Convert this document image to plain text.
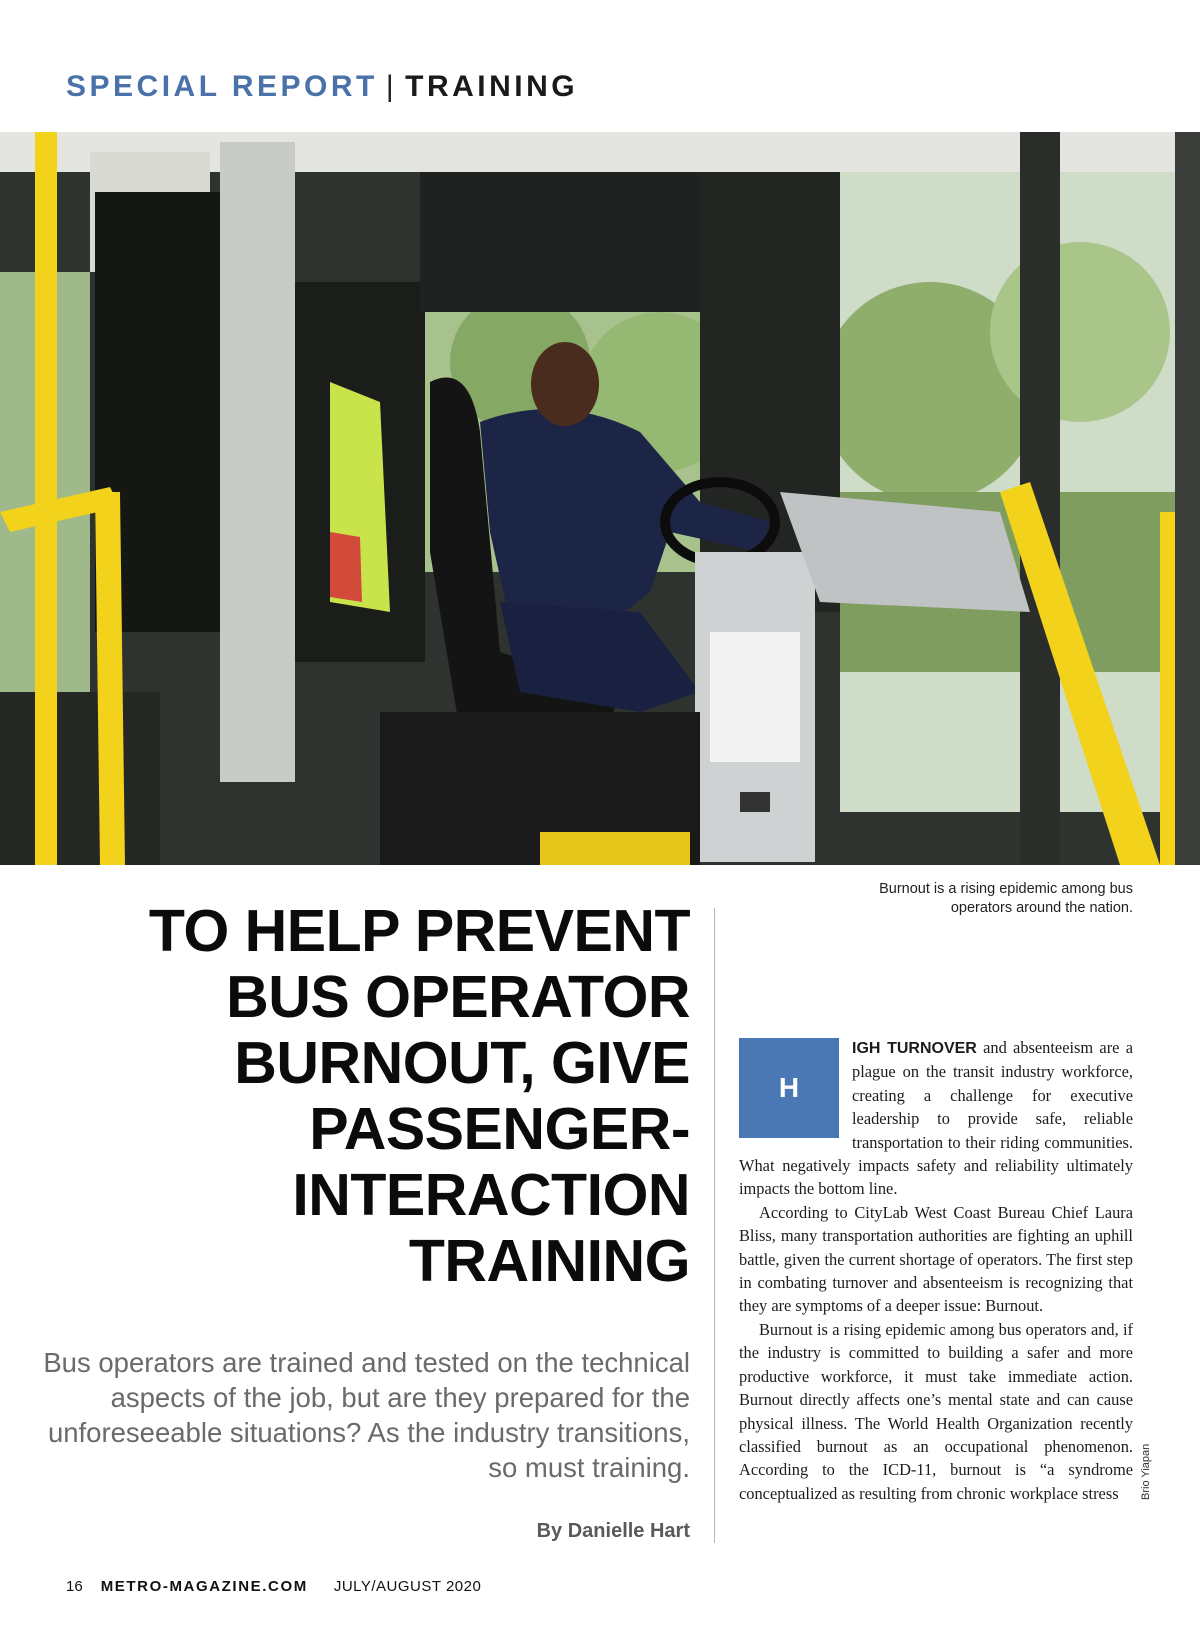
SPECIAL REPORT | TRAINING
Burnout is a rising epidemic among bus operators around the nation.
TO HELP PREVENT BUS OPERATOR BURNOUT, GIVE PASSENGER-INTERACTION TRAINING

Bus operators are trained and tested on the technical aspects of the job, but are they prepared for the unforeseeable situations? As the industry transitions, so must training.

By Danielle Hart
H

IGH TURNOVER and absenteeism are a plague on the transit industry workforce, creating a challenge for executive leadership to provide safe, reliable transportation to their riding communities. What negatively impacts safety and reliability ultimately impacts the bottom line.

According to CityLab West Coast Bureau Chief Laura Bliss, many transportation authorities are fighting an uphill battle, given the current shortage of operators. The first step in combating turnover and absenteeism is recognizing that they are symptoms of a deeper issue: Burnout.

Burnout is a rising epidemic among bus operators and, if the industry is committed to building a safer and more productive workforce, it must take immediate action. Burnout directly affects one’s mental state and can cause physical illness. The World Health Organization recently classified burnout as an occupational phenomenon. According to the ICD-11, burnout is “a syndrome conceptualized as resulting from chronic workplace stress	Brio Yiapan
16 METRO-MAGAZINE.COM JULY/AUGUST 2020
